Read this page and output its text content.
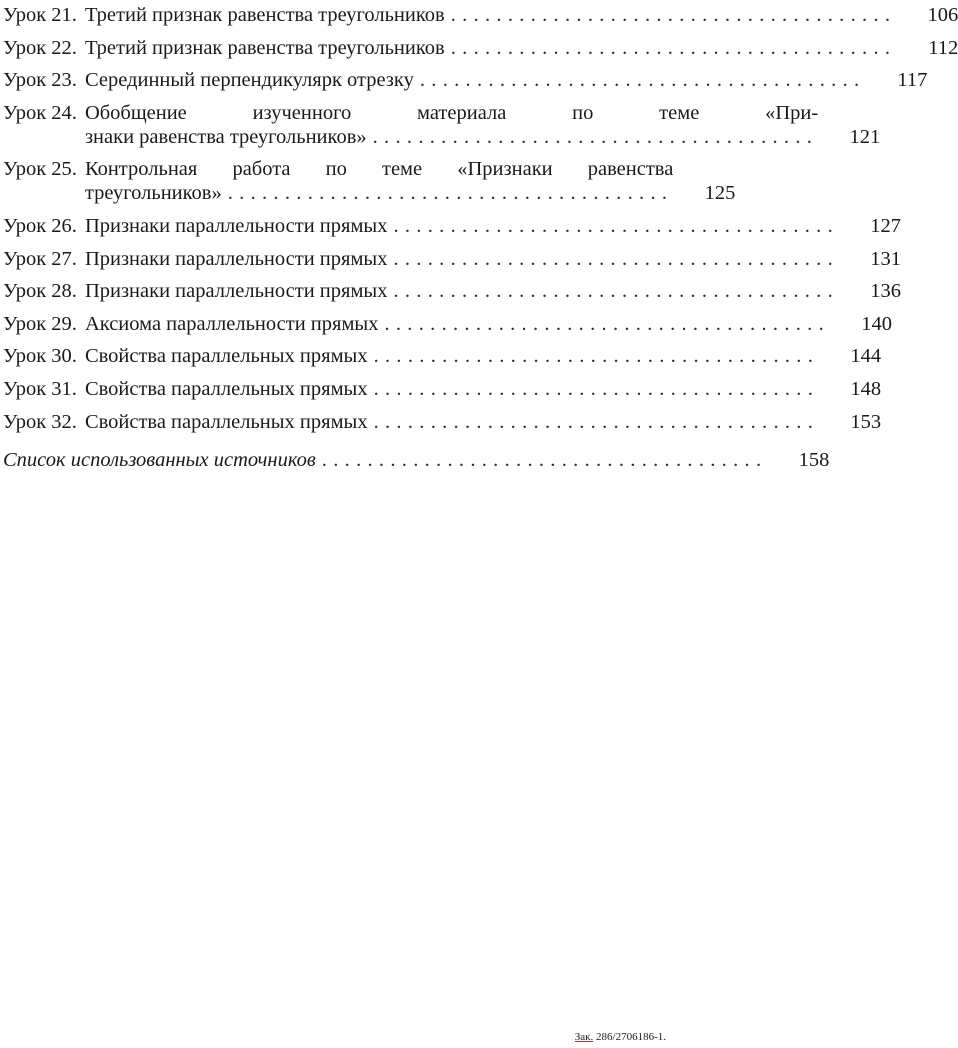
Урок 21. Третий признак равенства треугольников .......................................	106
Урок 22. Третий признак равенства треугольников .......................................	112
Урок 23. Серединный перпендикулярк отрезку .......................................	117
Урок 24. Обобщение изученного материала по теме «При-
знаки равенства треугольников» .......................................	121
Урок 25. Контрольная работа по теме «Признаки равенства
треугольников» .......................................	125
Урок 26. Признаки параллельности прямых .......................................	127
Урок 27. Признаки параллельности прямых .......................................	131
Урок 28. Признаки параллельности прямых .......................................	136
Урок 29. Аксиома параллельности прямых .......................................	140
Урок 30. Свойства параллельных прямых .......................................	144
Урок 31. Свойства параллельных прямых .......................................	148
Урок 32. Свойства параллельных прямых .......................................	153
Список использованных источников .......................................	158
Зак. 286/2706186-1.
